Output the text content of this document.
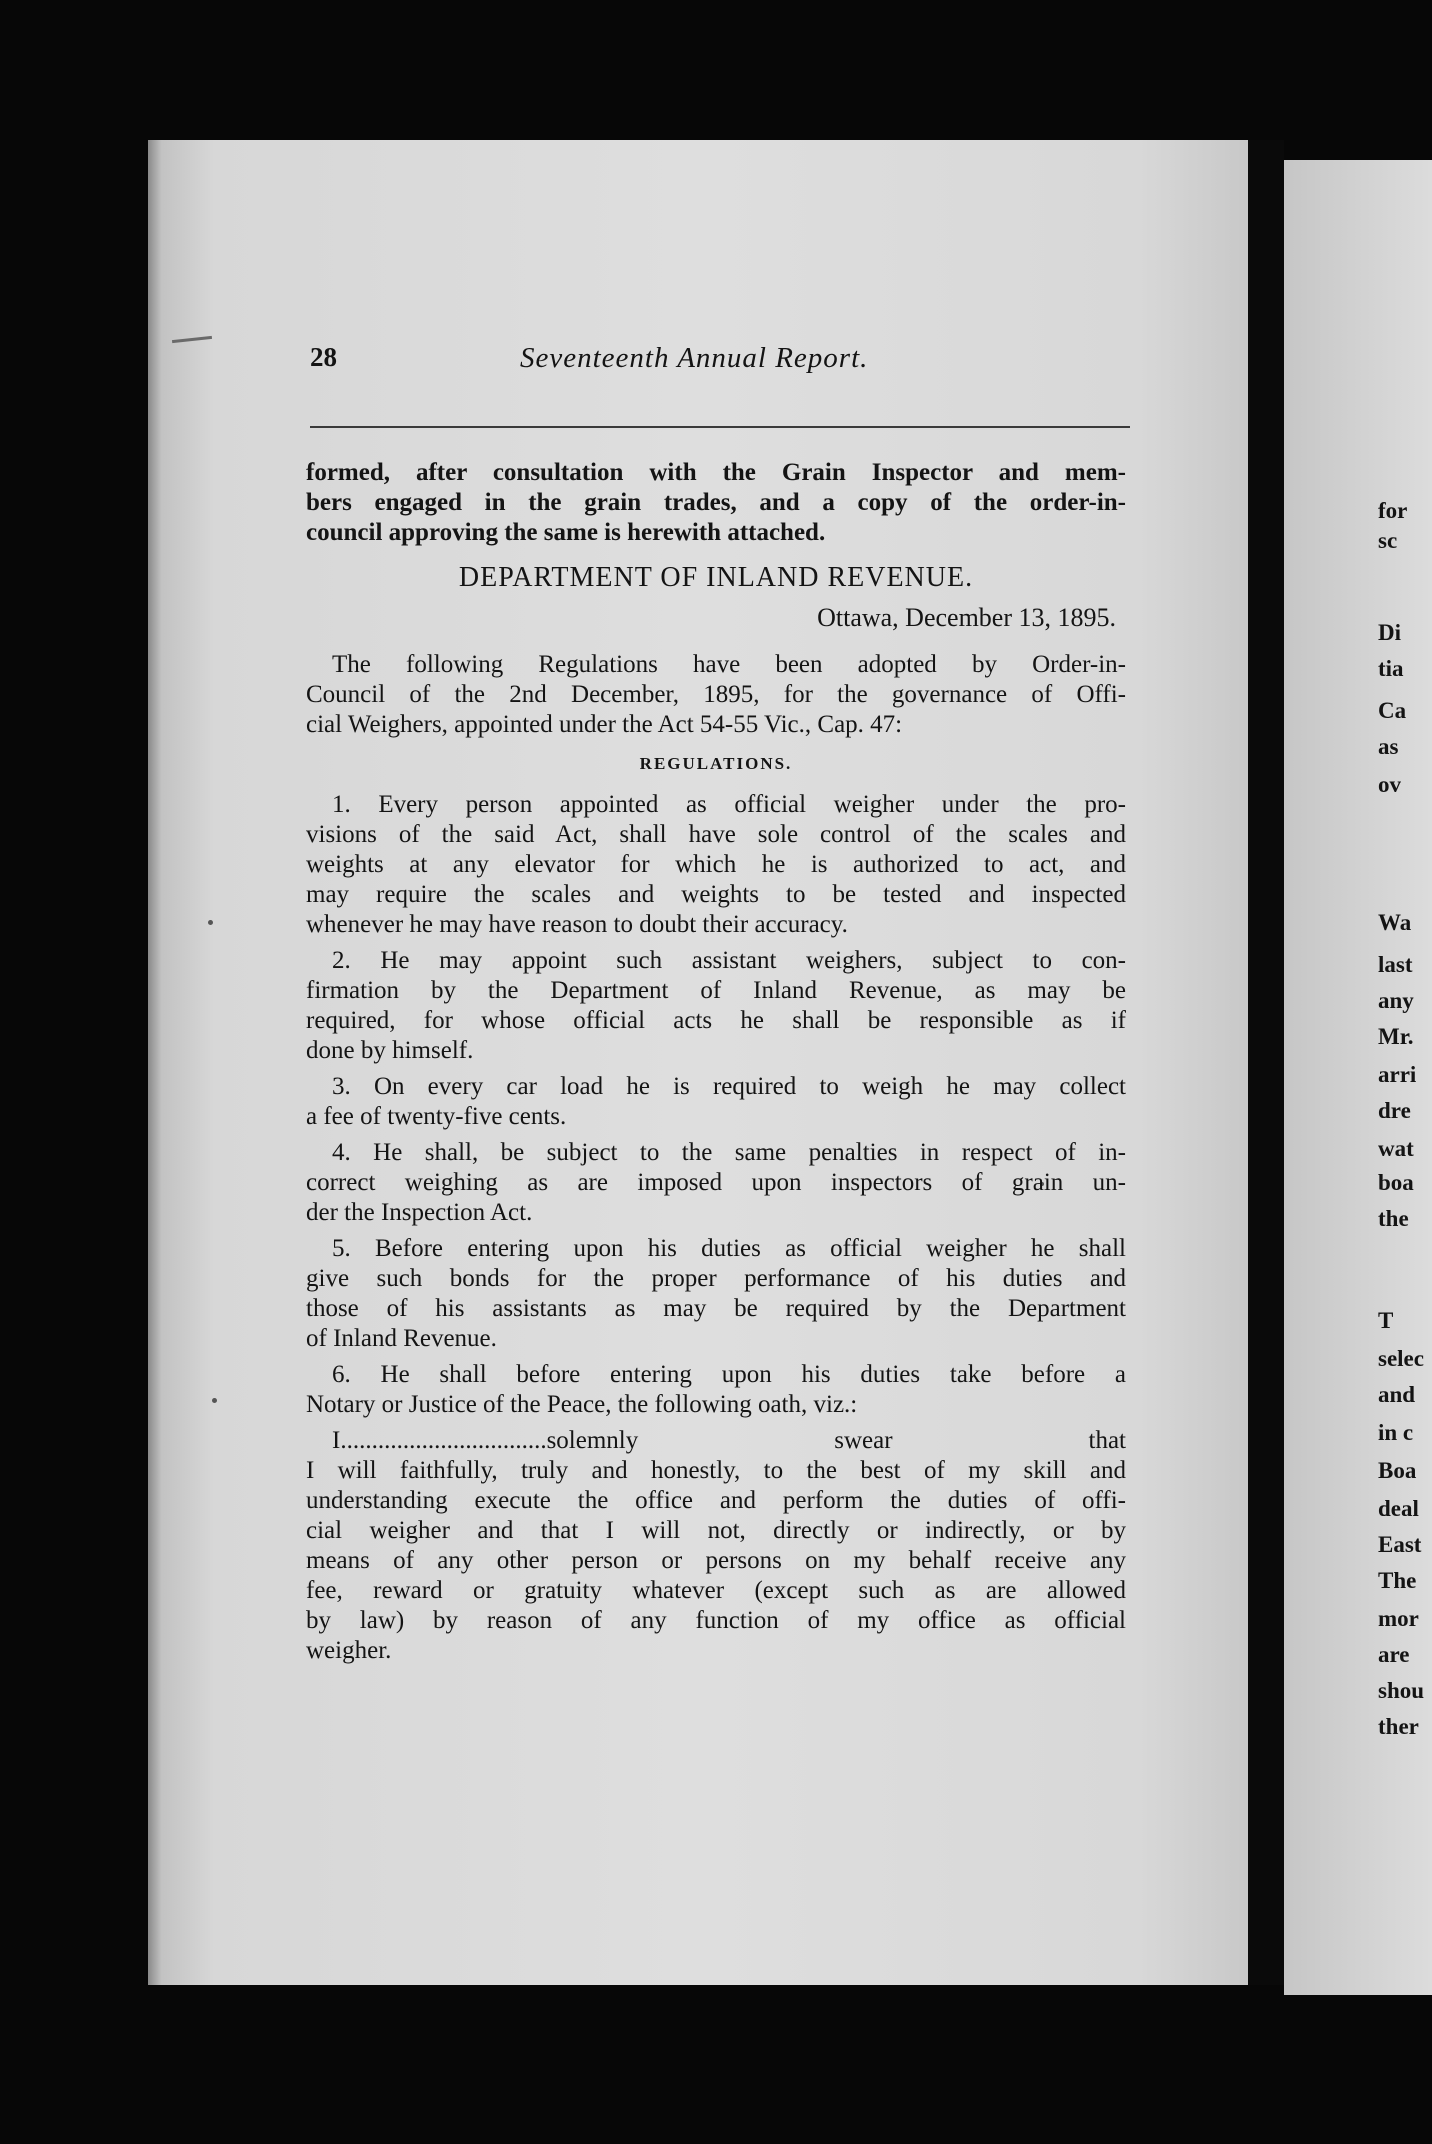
28	Seventeenth Annual Report.
formed, after consultation with the Grain Inspector and mem-
bers engaged in the grain trades, and a copy of the order-in-
council approving the same is herewith attached.
DEPARTMENT OF INLAND REVENUE.
Ottawa, December 13, 1895.
The following Regulations have been adopted by Order-in-
Council of the 2nd December, 1895, for the governance of Offi-
cial Weighers, appointed under the Act 54-55 Vic., Cap. 47:
REGULATIONS.
1. Every person appointed as official weigher under the pro-
visions of the said Act, shall have sole control of the scales and
weights at any elevator for which he is authorized to act, and
may require the scales and weights to be tested and inspected
whenever he may have reason to doubt their accuracy.
2. He may appoint such assistant weighers, subject to con-
firmation by the Department of Inland Revenue, as may be
required, for whose official acts he shall be responsible as if
done by himself.
3. On every car load he is required to weigh he may collect
a fee of twenty-five cents.
4. He shall, be subject to the same penalties in respect of in-
correct weighing as are imposed upon inspectors of grain un-
der the Inspection Act.
5. Before entering upon his duties as official weigher he shall
give such bonds for the proper performance of his duties and
those of his assistants as may be required by the Department
of Inland Revenue.
6. He shall before entering upon his duties take before a
Notary or Justice of the Peace, the following oath, viz.:
I.................................solemnly swear that
I will faithfully, truly and honestly, to the best of my skill and
understanding execute the office and perform the duties of offi-
cial weigher and that I will not, directly or indirectly, or by
means of any other person or persons on my behalf receive any
fee, reward or gratuity whatever (except such as are allowed
by law) by reason of any function of my office as official
weigher.
for
sc
Di
tia
Ca
as
ov
Wa
last
any
Mr.
arri
dre
wat
boa
the
T
selec
and
in c
Boa
deal
East
The
mor
are
shou
ther
